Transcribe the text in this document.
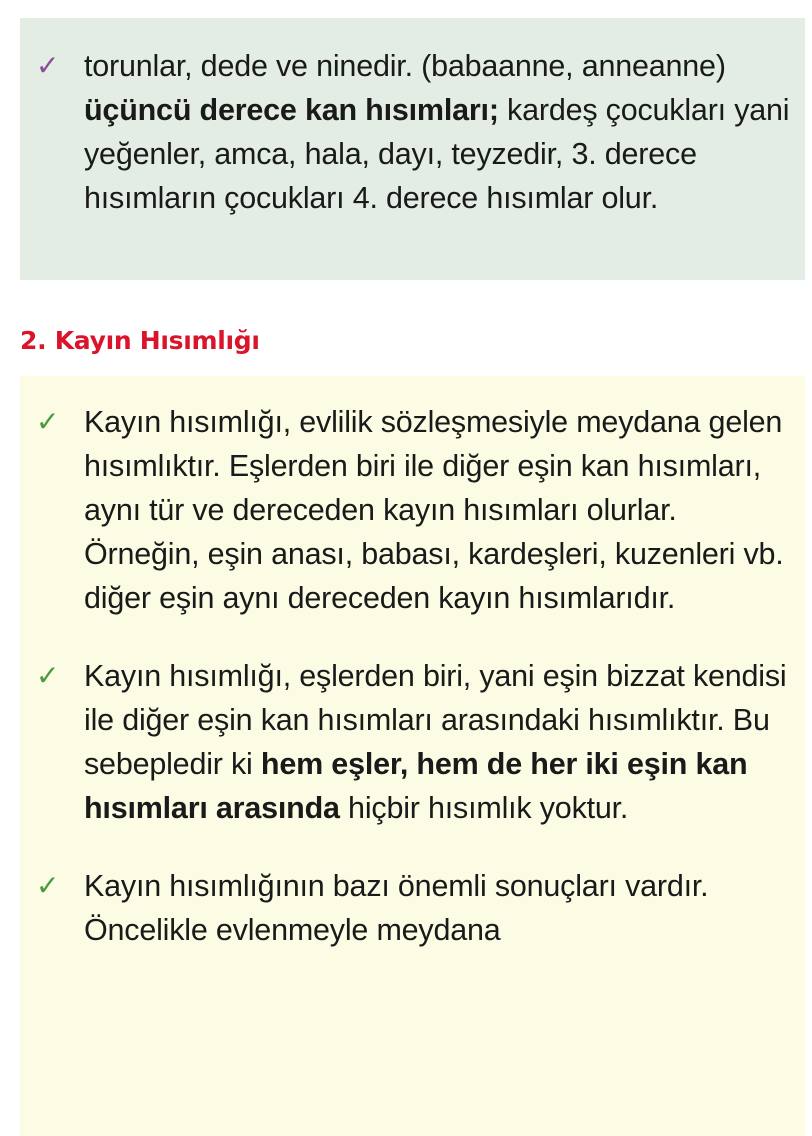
✓ torunlar, dede ve ninedir. (babaanne, anneanne) üçüncü derece kan hısımları; kardeş çocukları yani yeğenler, amca, hala, dayı, teyzedir, 3. derece hısımların çocukları 4. derece hısımlar olur.
2. Kayın Hısımlığı
✓ Kayın hısımlığı, evlilik sözleşmesiyle meydana gelen hısımlıktır. Eşlerden biri ile diğer eşin kan hısımları, aynı tür ve dereceden kayın hısımları olurlar. Örneğin, eşin anası, babası, kardeşleri, kuzenleri vb. diğer eşin aynı dereceden kayın hısımlarıdır.
✓ Kayın hısımlığı, eşlerden biri, yani eşin bizzat kendisi ile diğer eşin kan hısımları arasındaki hısımlıktır. Bu sebepledir ki hem eşler, hem de her iki eşin kan hısımları arasında hiçbir hısımlık yoktur.
✓ Kayın hısımlığının bazı önemli sonuçları vardır. Öncelikle evlenmeyle meydana
